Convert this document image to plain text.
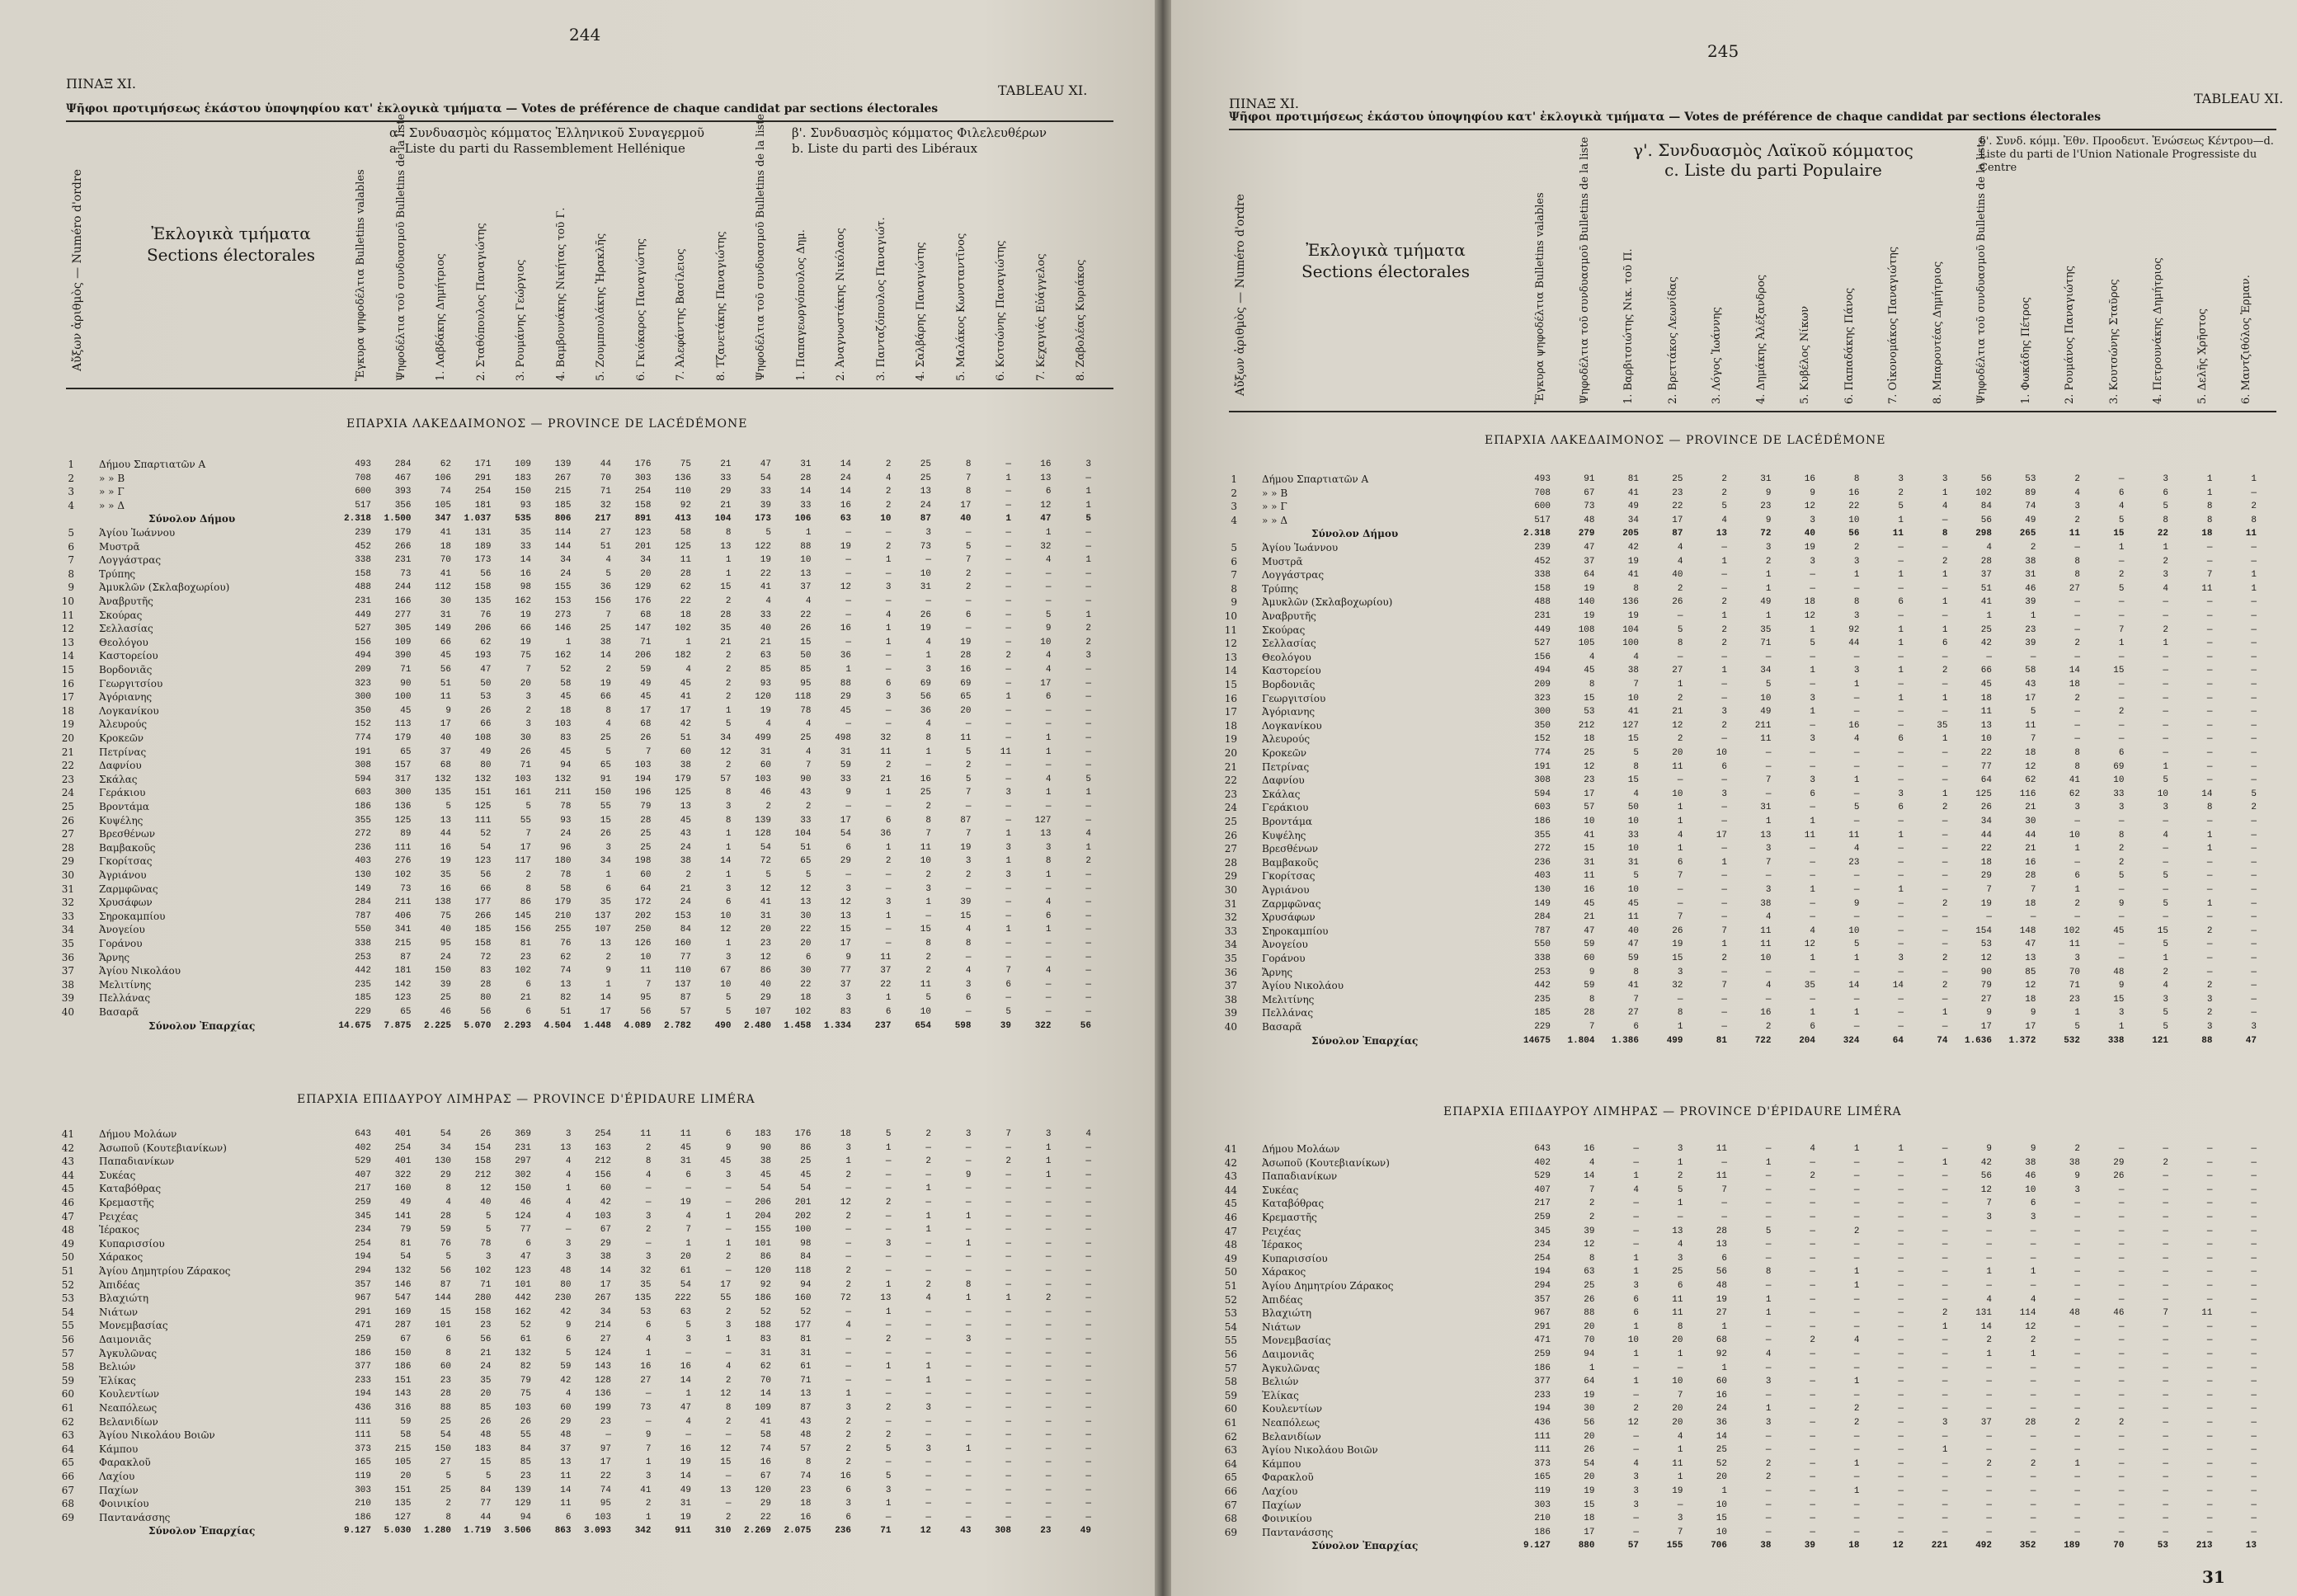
244
ΠΙΝΑΞ XI.	TABLEAU XI.
Ψῆφοι προτιμήσεως ἑκάστου ὑποψηφίου κατ' ἐκλογικὰ τμήματα — Votes de préférence de chaque candidat par sections électorales
Αὔξων ἀριθμὸς — Numéro d'ordre	Ἐκλογικὰ τμήματα
Sections électorales
α'. Συνδυασμὸς κόμματος Ἑλληνικοῦ Συναγερμοῦ
a. Liste du parti du Rassemblement Hellénique
β'. Συνδυασμὸς κόμματος Φιλελευθέρων
b. Liste du parti des Libéraux
Ἔγκυρα ψηφοδέλτια Bulletins valables	Ψηφοδέλτια τοῦ συνδυασμοῦ Bulletins de la liste	1. Λαβδάκης Δημήτριος	2. Σταθόπουλος Παναγιώτης	3. Ρουμάνης Γεώργιος	4. Βαμβουνάκης Νικήτας τοῦ Γ.	5. Ζουμπουλάκης Ἡρακλῆς	6. Γκιόκαρος Παναγιώτης	7. Ἀλεφάντης Βασίλειος	8. Τζανετάκης Παναγιώτης	Ψηφοδέλτια τοῦ συνδυασμοῦ Bulletins de la liste	1. Παπαγεωργόπουλος Δημ.	2. Ἀναγνωστάκης Νικόλαος	3. Πανταζόπουλος Παναγιώτ.	4. Σαλβάρης Παναγιώτης	5. Μαλάκος Κωνσταντῖνος	6. Κοτσώνης Παναγιώτης	7. Κεχαγιάς Εὐάγγελος	8. Ζαβολέας Κυριάκος
ΕΠΑΡΧΙΑ ΛΑΚΕΔΑΙΜΟΝΟΣ — PROVINCE DE LACÉDÉMONE
1	Δήμου Σπαρτιατῶν Α	493	284	62	171	109	139	44	176	75	21	47	31	14	2	25	8	—	16	3
2	» » Β	708	467	106	291	183	267	70	303	136	33	54	28	24	4	25	7	1	13	—
3	» » Γ	600	393	74	254	150	215	71	254	110	29	33	14	14	2	13	8	—	6	1
4	» » Δ	517	356	105	181	93	185	32	158	92	21	39	33	16	2	24	17	—	12	1
Σύνολον Δήμου	2.318	1.500	347	1.037	535	806	217	891	413	104	173	106	63	10	87	40	1	47	5
5	Ἁγίου Ἰωάννου	239	179	41	131	35	114	27	123	58	8	5	1	—	—	3	—	—	1	—
6	Μυστρᾶ	452	266	18	189	33	144	51	201	125	13	122	88	19	2	73	5	—	32	—
7	Λογγάστρας	338	231	70	173	14	34	4	34	11	1	19	10	—	1	—	7	—	4	1
8	Τρύπης	158	73	41	56	16	24	5	20	28	1	22	13	—	—	10	2	—	—	—
9	Ἀμυκλῶν (Σκλαβοχωρίου)	488	244	112	158	98	155	36	129	62	15	41	37	12	3	31	2	—	—	—
10	Ἀναβρυτῆς	231	166	30	135	162	153	156	176	22	2	4	4	—	—	—	—	—	—	—
11	Σκούρας	449	277	31	76	19	273	7	68	18	28	33	22	—	4	26	6	—	5	1
12	Σελλασίας	527	305	149	206	66	146	25	147	102	35	40	26	16	1	19	—	—	9	2
13	Θεολόγου	156	109	66	62	19	1	38	71	1	21	21	15	—	1	4	19	—	10	2
14	Καστορείου	494	390	45	193	75	162	14	206	182	2	63	50	36	—	1	28	2	4	3
15	Βορδονιᾶς	209	71	56	47	7	52	2	59	4	2	85	85	1	—	3	16	—	4	—
16	Γεωργιτσίου	323	90	51	50	20	58	19	49	45	2	93	95	88	6	69	69	—	17	—
17	Ἀγόριανης	300	100	11	53	3	45	66	45	41	2	120	118	29	3	56	65	1	6	—
18	Λογκανίκου	350	45	9	26	2	18	8	17	17	1	19	78	45	—	36	20	—	—	—
19	Ἀλευρούς	152	113	17	66	3	103	4	68	42	5	4	4	—	—	4	—	—	—	—
20	Κροκεῶν	774	179	40	108	30	83	25	26	51	34	499	25	498	32	8	11	—	1	—
21	Πετρίνας	191	65	37	49	26	45	5	7	60	12	31	4	31	11	1	5	11	1	—
22	Δαφνίου	308	157	68	80	71	94	65	103	38	2	60	7	59	2	—	2	—	—	—
23	Σκάλας	594	317	132	132	103	132	91	194	179	57	103	90	33	21	16	5	—	4	5
24	Γεράκιου	603	300	135	151	161	211	150	196	125	8	46	43	9	1	25	7	3	1	1
25	Βροντάμα	186	136	5	125	5	78	55	79	13	3	2	2	—	—	2	—	—	—	—
26	Κυψέλης	355	125	13	111	55	93	15	28	45	8	139	33	17	6	8	87	—	127	—
27	Βρεσθένων	272	89	44	52	7	24	26	25	43	1	128	104	54	36	7	7	1	13	4
28	Βαμβακοῦς	236	111	16	54	17	96	3	25	24	1	54	51	6	1	11	19	3	3	1
29	Γκορίτσας	403	276	19	123	117	180	34	198	38	14	72	65	29	2	10	3	1	8	2
30	Ἀγριάνου	130	102	35	56	2	78	1	60	2	1	5	5	—	—	2	2	3	1	—
31	Ζαρμφῶνας	149	73	16	66	8	58	6	64	21	3	12	12	3	—	3	—	—	—	—
32	Χρυσάφων	284	211	138	177	86	179	35	172	24	6	41	13	12	3	1	39	—	4	—
33	Σηροκαμπίου	787	406	75	266	145	210	137	202	153	10	31	30	13	1	—	15	—	6	—
34	Ἀνογείου	550	341	40	185	156	255	107	250	84	12	20	22	15	—	15	4	1	1	—
35	Γοράνου	338	215	95	158	81	76	13	126	160	1	23	20	17	—	8	8	—	—	—
36	Ἄρνης	253	87	24	72	23	62	2	10	77	3	12	6	9	11	2	—	—	—	—
37	Ἁγίου Νικολάου	442	181	150	83	102	74	9	11	110	67	86	30	77	37	2	4	7	4	—
38	Μελιτίνης	235	142	39	28	6	13	1	7	137	10	40	22	37	22	11	3	6	—	—
39	Πελλάνας	185	123	25	80	21	82	14	95	87	5	29	18	3	1	5	6	—	—	—
40	Βασαρᾶ	229	65	46	56	6	51	17	56	57	5	107	102	83	6	10	—	5	—	—
Σύνολον Ἐπαρχίας	14.675	7.875	2.225	5.070	2.293	4.504	1.448	4.089	2.782	490	2.480	1.458	1.334	237	654	598	39	322	56
ΕΠΑΡΧΙΑ ΕΠΙΔΑΥΡΟΥ ΛΙΜΗΡΑΣ — PROVINCE D'ÉPIDAURE LIMÉRA
41	Δήμου Μολάων	643	401	54	26	369	3	254	11	11	6	183	176	18	5	2	3	7	3	4
42	Ἀσωποῦ (Κουτεβιανίκων)	402	254	34	154	231	13	163	2	45	9	90	86	3	1	—	—	—	1	—
43	Παπαδιανίκων	529	401	130	158	297	4	212	8	31	45	38	25	1	—	2	—	2	1	—
44	Συκέας	407	322	29	212	302	4	156	4	6	3	45	45	2	—	—	9	—	1	—
45	Καταβόθρας	217	160	8	12	150	1	60	—	—	—	54	54	—	—	1	—	—	—	—
46	Κρεμαστῆς	259	49	4	40	46	4	42	—	19	—	206	201	12	2	—	—	—	—	—
47	Ρειχέας	345	141	28	5	124	4	103	3	4	1	204	202	2	—	1	1	—	—	—
48	Ἱέρακος	234	79	59	5	77	—	67	2	7	—	155	100	—	—	1	—	—	—	—
49	Κυπαρισσίου	254	81	76	78	6	3	29	—	1	1	101	98	—	3	—	1	—	—	—
50	Χάρακος	194	54	5	3	47	3	38	3	20	2	86	84	—	—	—	—	—	—	—
51	Ἁγίου Δημητρίου Ζάρακος	294	132	56	102	123	48	14	32	61	—	120	118	2	—	—	—	—	—	—
52	Ἀπιδέας	357	146	87	71	101	80	17	35	54	17	92	94	2	1	2	8	—	—	—
53	Βλαχιώτη	967	547	144	280	442	230	267	135	222	55	186	160	72	13	4	1	1	2	—
54	Νιάτων	291	169	15	158	162	42	34	53	63	2	52	52	—	1	—	—	—	—	—
55	Μονεμβασίας	471	287	101	23	52	9	214	6	5	3	188	177	4	—	—	—	—	—	—
56	Δαιμονιᾶς	259	67	6	56	61	6	27	4	3	1	83	81	—	2	—	3	—	—	—
57	Ἀγκυλῶνας	186	150	8	21	132	5	124	1	—	—	31	31	—	—	—	—	—	—	—
58	Βελιών	377	186	60	24	82	59	143	16	16	4	62	61	—	1	1	—	—	—	—
59	Ἐλίκας	233	151	23	35	79	42	128	27	14	2	70	71	—	—	1	—	—	—	—
60	Κουλεντίων	194	143	28	20	75	4	136	—	1	12	14	13	1	—	—	—	—	—	—
61	Νεαπόλεως	436	316	88	85	103	60	199	73	47	8	109	87	3	2	3	—	—	—	—
62	Βελανιδίων	111	59	25	26	26	29	23	—	4	2	41	43	2	—	—	—	—	—	—
63	Ἁγίου Νικολάου Βοιῶν	111	58	54	48	55	48	—	9	—	—	58	48	2	2	—	—	—	—	—
64	Κάμπου	373	215	150	183	84	37	97	7	16	12	74	57	2	5	3	1	—	—	—
65	Φαρακλοῦ	165	105	27	15	85	13	17	1	19	15	16	8	2	—	—	—	—	—	—
66	Λαχίου	119	20	5	5	23	11	22	3	14	—	67	74	16	5	—	—	—	—	—
67	Παχίων	303	151	25	84	139	14	74	41	49	13	120	23	6	3	—	—	—	—	—
68	Φοινικίου	210	135	2	77	129	11	95	2	31	—	29	18	3	1	—	—	—	—	—
69	Παντανάσσης	186	127	8	44	94	6	103	1	19	2	22	16	6	—	—	—	—	—	—
Σύνολον Ἐπαρχίας	9.127	5.030	1.280	1.719	3.506	863	3.093	342	911	310	2.269	2.075	236	71	12	43	308	23	49
245
ΠΙΝΑΞ XI.	TABLEAU XI.
Ψῆφοι προτιμήσεως ἑκάστου ὑποψηφίου κατ' ἐκλογικὰ τμήματα — Votes de préférence de chaque candidat par sections électorales
Αὔξων ἀριθμὸς — Numéro d'ordre	Ἐκλογικὰ τμήματα
Sections électorales
γ'. Συνδυασμὸς Λαϊκοῦ κόμματος
c. Liste du parti Populaire
δ'. Συνδ. κόμμ. Ἐθν. Προοδευτ. Ἑνώσεως Κέντρου—d. Liste du parti de l'Union Nationale Progressiste du Centre
Ἔγκυρα ψηφοδέλτια Bulletins valables	Ψηφοδέλτια τοῦ συνδυασμοῦ Bulletins de la liste	1. Βαρβιτσιώτης Νικ. τοῦ Π.	2. Βρεττάκος Λεωνίδας	3. Λόγος Ἰωάννης	4. Δημάκης Ἀλέξανδρος	5. Κυβέλος Νίκων	6. Παπαδάκης Πάνος	7. Οἰκονομάκος Παναγιώτης	8. Μπαρουτέας Δημήτριος	Ψηφοδέλτια τοῦ συνδυασμοῦ Bulletins de la liste	1. Φωκάδης Πέτρος	2. Ρουμάνος Παναγιώτης	3. Κουτσώνης Σταῦρος	4. Πετρουνάκης Δημήτριος	5. Δελῆς Χρῆστος	6. Μαντζιθόλος Ἑρμαν.
ΕΠΑΡΧΙΑ ΛΑΚΕΔΑΙΜΟΝΟΣ — PROVINCE DE LACÉDÉMONE
1	Δήμου Σπαρτιατῶν Α	493	91	81	25	2	31	16	8	3	3	56	53	2	—	3	1	1
2	» » Β	708	67	41	23	2	9	9	16	2	1	102	89	4	6	6	1	—
3	» » Γ	600	73	49	22	5	23	12	22	5	4	84	74	3	4	5	8	2
4	» » Δ	517	48	34	17	4	9	3	10	1	—	56	49	2	5	8	8	8
Σύνολον Δήμου	2.318	279	205	87	13	72	40	56	11	8	298	265	11	15	22	18	11
5	Ἁγίου Ἰωάννου	239	47	42	4	—	3	19	2	—	—	4	2	—	1	1	—	—
6	Μυστρᾶ	452	37	19	4	1	2	3	3	—	2	28	38	8	—	2	—	—
7	Λογγάστρας	338	64	41	40	—	1	—	1	1	1	37	31	8	2	3	7	1
8	Τρύπης	158	19	8	2	—	1	—	—	—	—	51	46	27	5	4	11	1
9	Ἀμυκλῶν (Σκλαβοχωρίου)	488	140	136	26	2	49	18	8	6	1	41	39	—	—	—	—	—
10	Ἀναβρυτῆς	231	19	19	—	1	1	12	3	—	—	1	1	—	—	—	—	—
11	Σκούρας	449	108	104	5	2	35	1	92	1	1	25	23	—	7	2	—	—
12	Σελλασίας	527	105	100	8	2	71	5	44	1	6	42	39	2	1	1	—	—
13	Θεολόγου	156	4	4	—	—	—	—	—	—	—	—	—	—	—	—	—	—
14	Καστορείου	494	45	38	27	1	34	1	3	1	2	66	58	14	15	—	—	—
15	Βορδονιᾶς	209	8	7	1	—	5	—	1	—	—	45	43	18	—	—	—	—
16	Γεωργιτσίου	323	15	10	2	—	10	3	—	1	1	18	17	2	—	—	—	—
17	Ἀγόριανης	300	53	41	21	3	49	1	—	—	—	11	5	—	2	—	—	—
18	Λογκανίκου	350	212	127	12	2	211	—	16	—	35	13	11	—	—	—	—	—
19	Ἀλευρούς	152	18	15	2	—	11	3	4	6	1	10	7	—	—	—	—	—
20	Κροκεῶν	774	25	5	20	10	—	—	—	—	—	22	18	8	6	—	—	—
21	Πετρίνας	191	12	8	11	6	—	—	—	—	—	77	12	8	69	1	—	—
22	Δαφνίου	308	23	15	—	—	7	3	1	—	—	64	62	41	10	5	—	—
23	Σκάλας	594	17	4	10	3	—	6	—	3	1	125	116	62	33	10	14	5
24	Γεράκιου	603	57	50	1	—	31	—	5	6	2	26	21	3	3	3	8	2
25	Βροντάμα	186	10	10	1	—	1	1	—	—	—	34	30	—	—	—	—	—
26	Κυψέλης	355	41	33	4	17	13	11	11	1	—	44	44	10	8	4	1	—
27	Βρεσθένων	272	15	10	1	—	3	—	4	—	—	22	21	1	2	—	1	—
28	Βαμβακοῦς	236	31	31	6	1	7	—	23	—	—	18	16	—	2	—	—	—
29	Γκορίτσας	403	11	5	7	—	—	—	—	—	—	29	28	6	5	5	—	—
30	Ἀγριάνου	130	16	10	—	—	3	1	—	1	—	7	7	1	—	—	—	—
31	Ζαρμφῶνας	149	45	45	—	—	38	—	9	—	2	19	18	2	9	5	1	—
32	Χρυσάφων	284	21	11	7	—	4	—	—	—	—	—	—	—	—	—	—	—
33	Σηροκαμπίου	787	47	40	26	7	11	4	10	—	—	154	148	102	45	15	2	—
34	Ἀνογείου	550	59	47	19	1	11	12	5	—	—	53	47	11	—	5	—	—
35	Γοράνου	338	60	59	15	2	10	1	1	3	2	12	13	3	—	1	—	—
36	Ἄρνης	253	9	8	3	—	—	—	—	—	—	90	85	70	48	2	—	—
37	Ἁγίου Νικολάου	442	59	41	32	7	4	35	14	14	2	79	12	71	9	4	2	—
38	Μελιτίνης	235	8	7	—	—	—	—	—	—	—	27	18	23	15	3	3	—
39	Πελλάνας	185	28	27	8	—	16	1	1	—	1	9	9	1	3	5	2	—
40	Βασαρᾶ	229	7	6	1	—	2	6	—	—	—	17	17	5	1	5	3	3
Σύνολον Ἐπαρχίας	14675	1.804	1.386	499	81	722	204	324	64	74	1.636	1.372	532	338	121	88	47
ΕΠΑΡΧΙΑ ΕΠΙΔΑΥΡΟΥ ΛΙΜΗΡΑΣ — PROVINCE D'ÉPIDAURE LIMÉRA
41	Δήμου Μολάων	643	16	—	3	11	—	4	1	1	—	9	9	2	—	—	—	—
42	Ἀσωποῦ (Κουτεβιανίκων)	402	4	—	1	—	1	—	—	—	1	42	38	38	29	2	—	—
43	Παπαδιανίκων	529	14	1	2	11	—	2	—	—	—	56	46	9	26	—	—	—
44	Συκέας	407	7	4	5	7	—	—	—	—	—	12	10	3	—	—	—	—
45	Καταβόθρας	217	2	—	1	—	—	—	—	—	—	7	6	—	—	—	—	—
46	Κρεμαστῆς	259	2	—	—	—	—	—	—	—	—	3	3	—	—	—	—	—
47	Ρειχέας	345	39	—	13	28	5	—	2	—	—	—	—	—	—	—	—	—
48	Ἱέρακος	234	12	—	4	13	—	—	—	—	—	—	—	—	—	—	—	—
49	Κυπαρισσίου	254	8	1	3	6	—	—	—	—	—	—	—	—	—	—	—	—
50	Χάρακος	194	63	1	25	56	8	—	1	—	—	1	1	—	—	—	—	—
51	Ἁγίου Δημητρίου Ζάρακος	294	25	3	6	48	—	—	1	—	—	—	—	—	—	—	—	—
52	Ἀπιδέας	357	26	6	11	19	1	—	—	—	—	4	4	—	—	—	—	—
53	Βλαχιώτη	967	88	6	11	27	1	—	—	—	2	131	114	48	46	7	11	—
54	Νιάτων	291	20	1	8	1	—	—	—	—	1	14	12	—	—	—	—	—
55	Μονεμβασίας	471	70	10	20	68	—	2	4	—	—	2	2	—	—	—	—	—
56	Δαιμονιᾶς	259	94	1	1	92	4	—	—	—	—	1	1	—	—	—	—	—
57	Ἀγκυλῶνας	186	1	—	—	1	—	—	—	—	—	—	—	—	—	—	—	—
58	Βελιών	377	64	1	10	60	3	—	1	—	—	—	—	—	—	—	—	—
59	Ἐλίκας	233	19	—	7	16	—	—	—	—	—	—	—	—	—	—	—	—
60	Κουλεντίων	194	30	2	20	24	1	—	2	—	—	—	—	—	—	—	—	—
61	Νεαπόλεως	436	56	12	20	36	3	—	2	—	3	37	28	2	2	—	—	—
62	Βελανιδίων	111	20	—	4	14	—	—	—	—	—	—	—	—	—	—	—	—
63	Ἁγίου Νικολάου Βοιῶν	111	26	—	1	25	—	—	—	—	1	—	—	—	—	—	—	—
64	Κάμπου	373	54	4	11	52	2	—	1	—	—	2	2	1	—	—	—	—
65	Φαρακλοῦ	165	20	3	1	20	2	—	—	—	—	—	—	—	—	—	—	—
66	Λαχίου	119	19	3	19	1	—	—	1	—	—	—	—	—	—	—	—	—
67	Παχίων	303	15	3	—	10	—	—	—	—	—	—	—	—	—	—	—	—
68	Φοινικίου	210	18	—	3	15	—	—	—	—	—	—	—	—	—	—	—	—
69	Παντανάσσης	186	17	—	7	10	—	—	—	—	—	—	—	—	—	—	—	—
Σύνολον Ἐπαρχίας	9.127	880	57	155	706	38	39	18	12	221	492	352	189	70	53	213	13
31
